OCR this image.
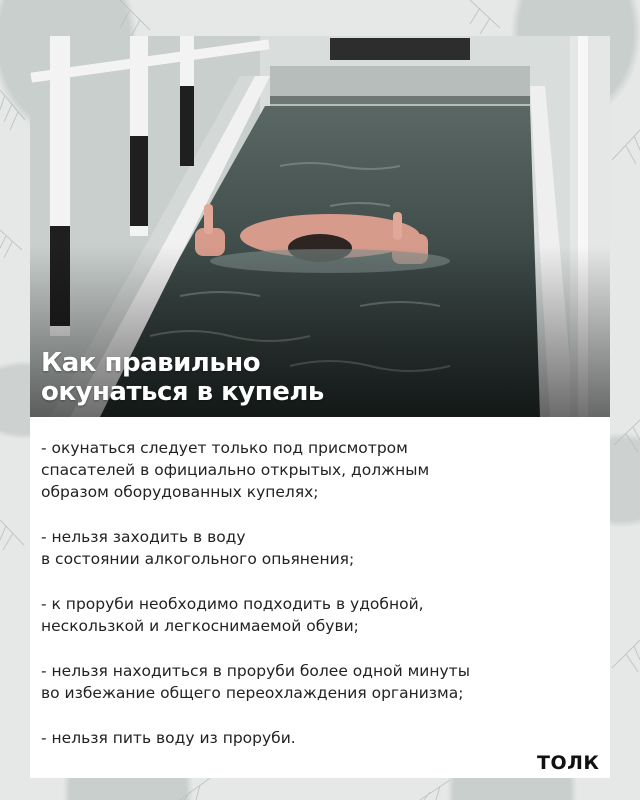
Как правильно
окунаться в купель
- окунаться следует только под присмотром
спасателей в официально открытых, должным
образом оборудованных купелях;
- нельзя заходить в воду
в состоянии алкогольного опьянения;
- к проруби необходимо подходить в удобной,
нескользкой и легкоснимаемой обуви;
- нельзя находиться в проруби более одной минуты
во избежание общего переохлаждения организма;
- нельзя пить воду из проруби.
ТОЛК
